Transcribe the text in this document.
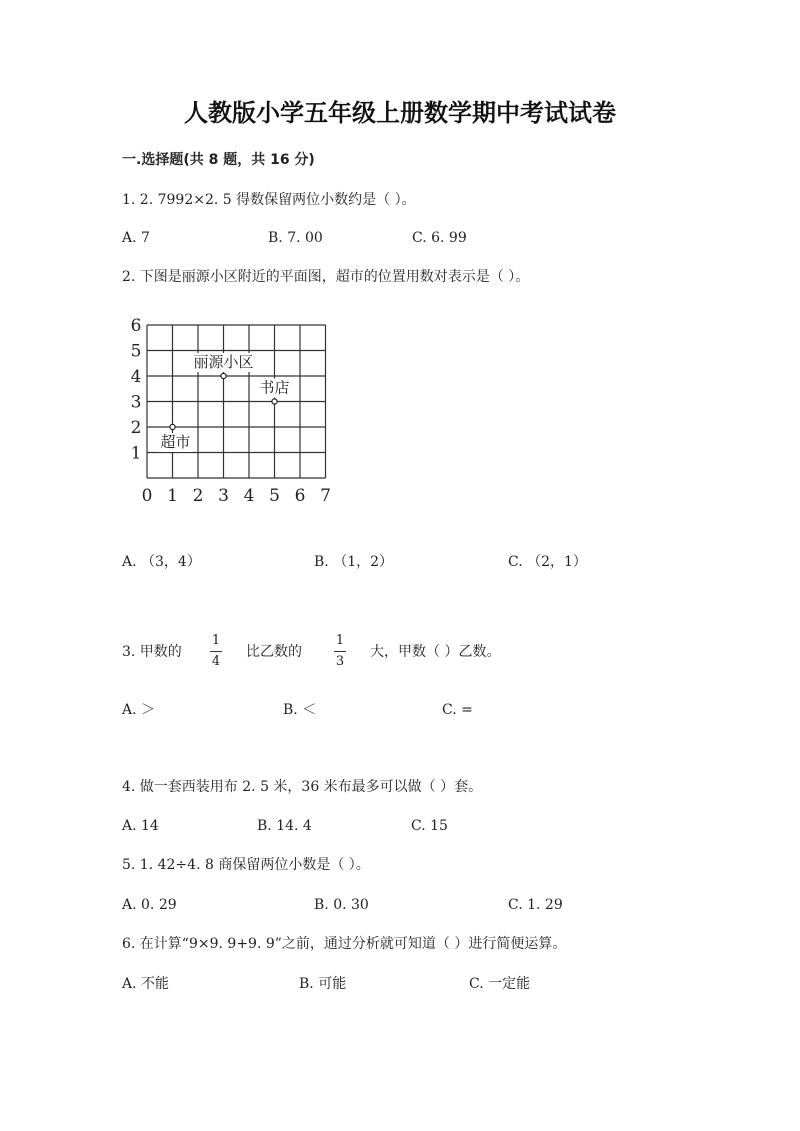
人教版小学五年级上册数学期中考试试卷
一.选择题(共 8 题，共 16 分)
1. 2. 7992×2. 5 得数保留两位小数约是（ ）。
A. 7	B. 7. 00	C. 6. 99
2. 下图是丽源小区附近的平面图，超市的位置用数对表示是（ ）。
0 1 2 3 4 5 6 7
1
2
3
4
5
6
丽源小区
书店
超市
A. （3，4）	B. （1，2）	C. （2，1）
3. 甲数的
1
4
比乙数的
1
3
大，甲数（ ）乙数。
A. ＞	B. ＜	C. =
4. 做一套西装用布 2. 5 米，36 米布最多可以做（ ）套。
A. 14	B. 14. 4	C. 15
5. 1. 42÷4. 8 商保留两位小数是（ ）。
A. 0. 29	B. 0. 30	C. 1. 29
6. 在计算“9×9. 9+9. 9”之前，通过分析就可知道（ ）进行简便运算。
A. 不能	B. 可能	C. 一定能
